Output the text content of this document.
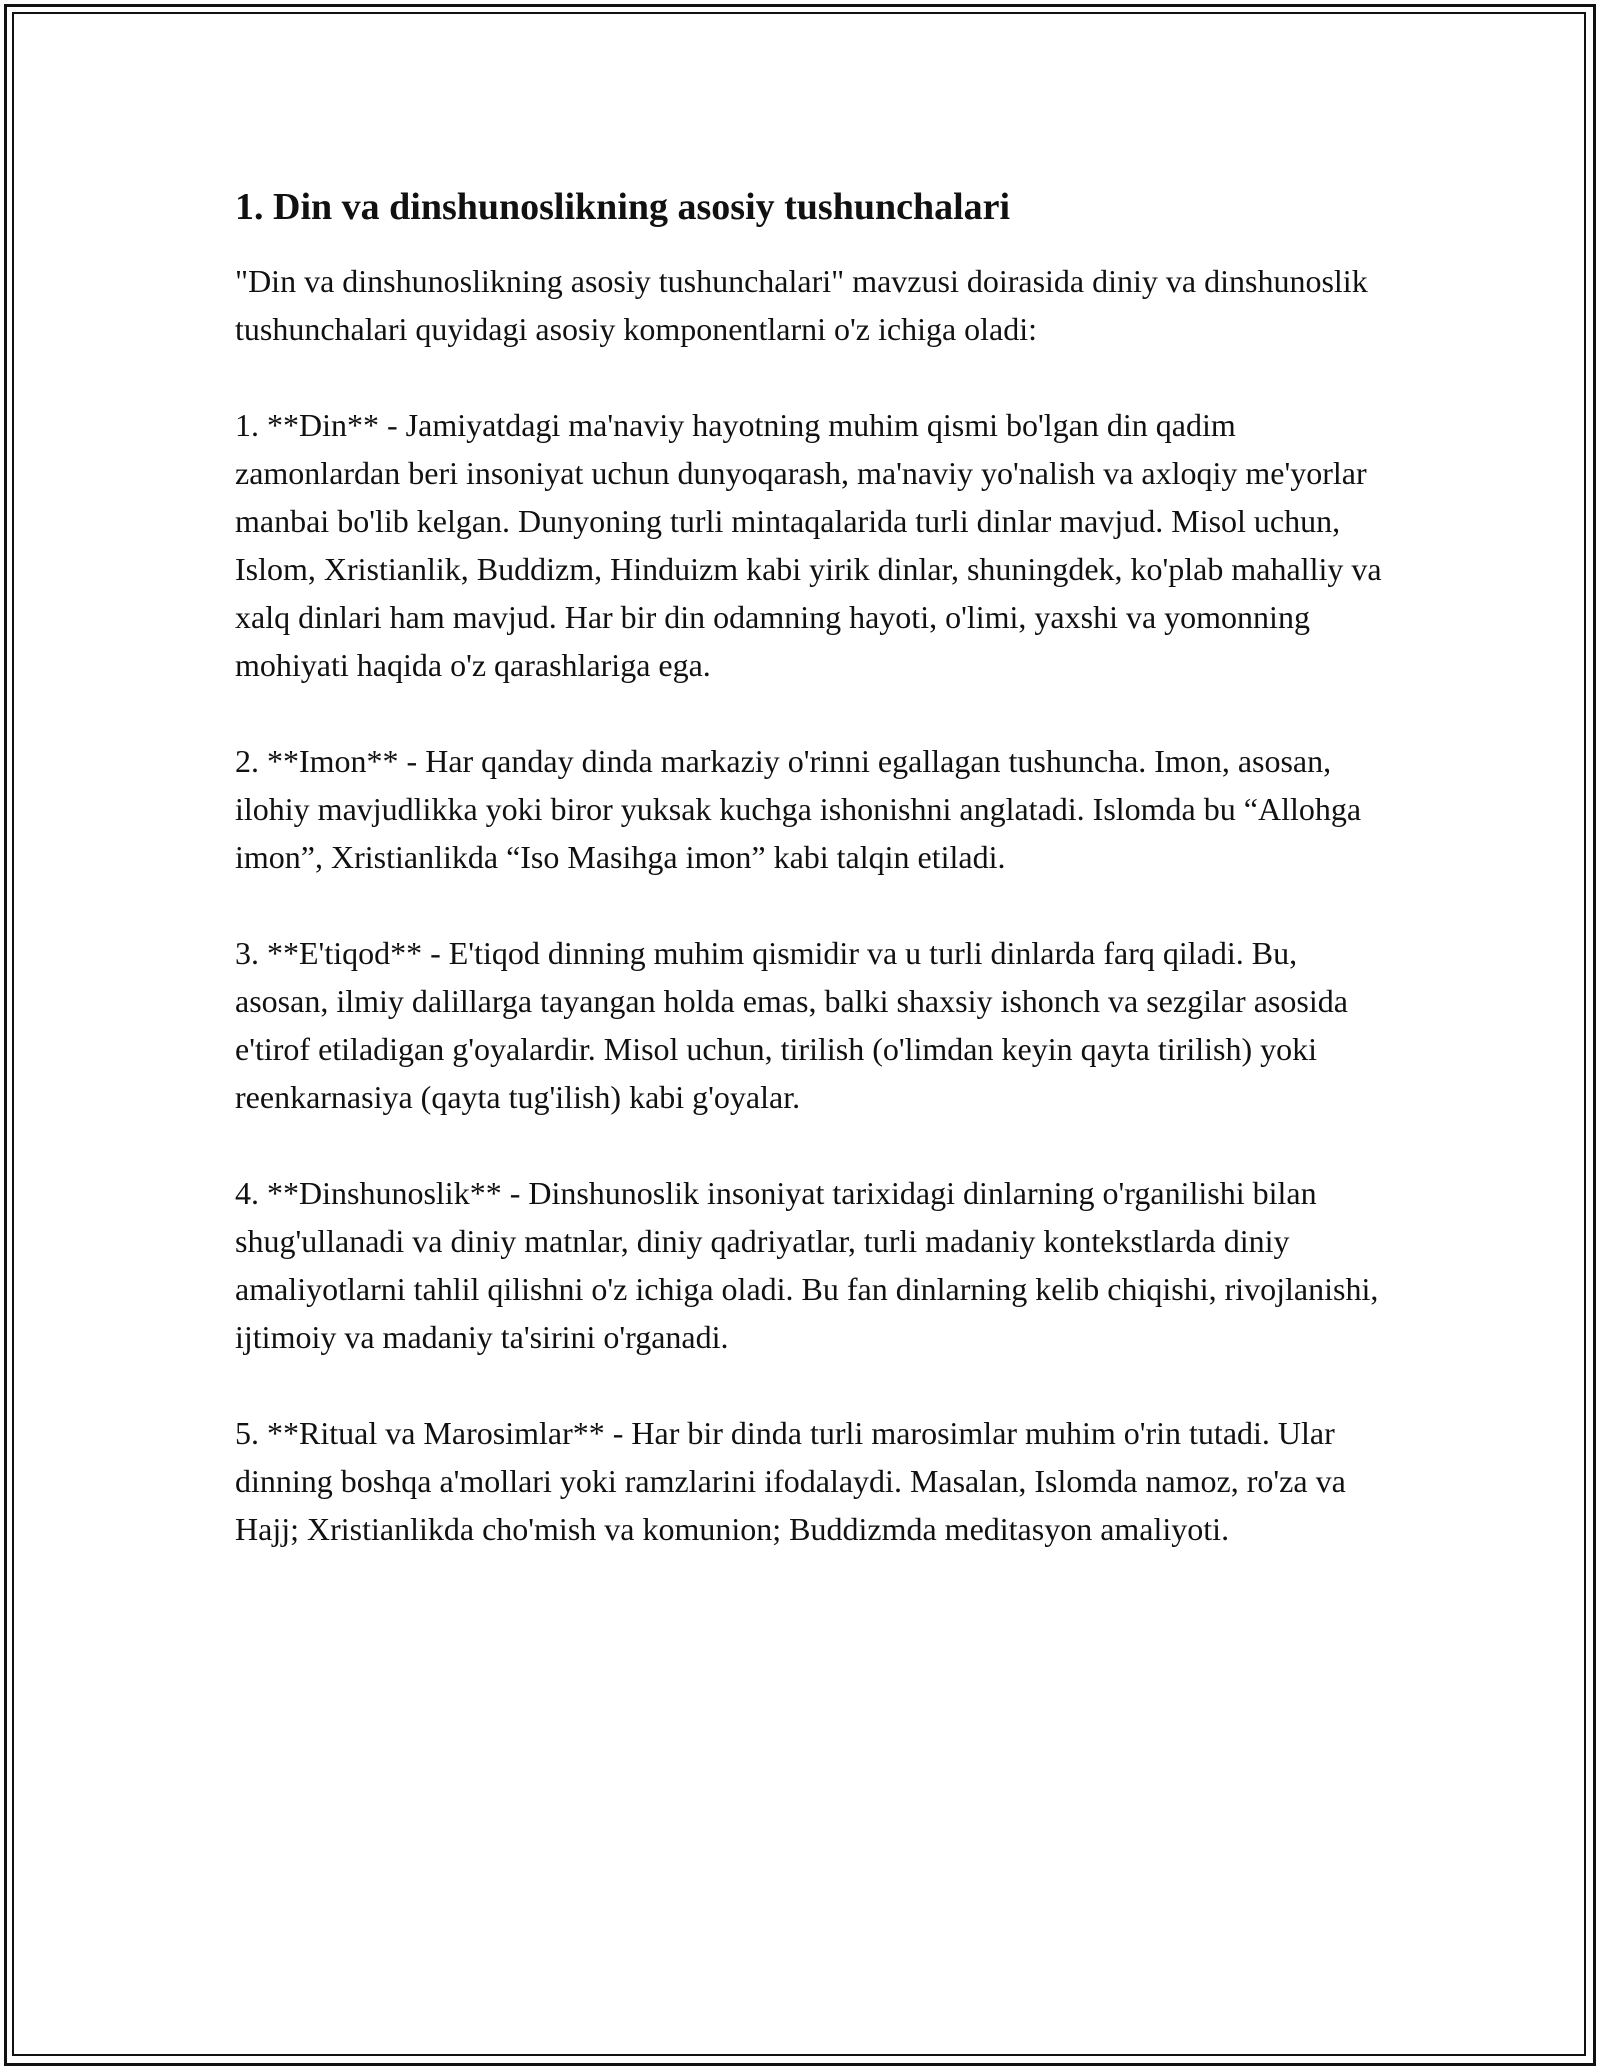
1. Din va dinshunoslikning asosiy tushunchalari

"Din va dinshunoslikning asosiy tushunchalari" mavzusi doirasida diniy va dinshunoslik tushunchalari quyidagi asosiy komponentlarni o'z ichiga oladi:

1. **Din** - Jamiyatdagi ma'naviy hayotning muhim qismi bo'lgan din qadim zamonlardan beri insoniyat uchun dunyoqarash, ma'naviy yo'nalish va axloqiy me'yorlar manbai bo'lib kelgan. Dunyoning turli mintaqalarida turli dinlar mavjud. Misol uchun, Islom, Xristianlik, Buddizm, Hinduizm kabi yirik dinlar, shuningdek, ko'plab mahalliy va xalq dinlari ham mavjud. Har bir din odamning hayoti, o'limi, yaxshi va yomonning mohiyati haqida o'z qarashlariga ega.

2. **Imon** - Har qanday dinda markaziy o'rinni egallagan tushuncha. Imon, asosan, ilohiy mavjudlikka yoki biror yuksak kuchga ishonishni anglatadi. Islomda bu “Allohga imon”, Xristianlikda “Iso Masihga imon” kabi talqin etiladi.

3. **E'tiqod** - E'tiqod dinning muhim qismidir va u turli dinlarda farq qiladi. Bu, asosan, ilmiy dalillarga tayangan holda emas, balki shaxsiy ishonch va sezgilar asosida e'tirof etiladigan g'oyalardir. Misol uchun, tirilish (o'limdan keyin qayta tirilish) yoki reenkarnasiya (qayta tug'ilish) kabi g'oyalar.

4. **Dinshunoslik** - Dinshunoslik insoniyat tarixidagi dinlarning o'rganilishi bilan shug'ullanadi va diniy matnlar, diniy qadriyatlar, turli madaniy kontekstlarda diniy amaliyotlarni tahlil qilishni o'z ichiga oladi. Bu fan dinlarning kelib chiqishi, rivojlanishi, ijtimoiy va madaniy ta'sirini o'rganadi.

5. **Ritual va Marosimlar** - Har bir dinda turli marosimlar muhim o'rin tutadi. Ular dinning boshqa a'mollari yoki ramzlarini ifodalaydi. Masalan, Islomda namoz, ro'za va Hajj; Xristianlikda cho'mish va komunion; Buddizmda meditasyon amaliyoti.
